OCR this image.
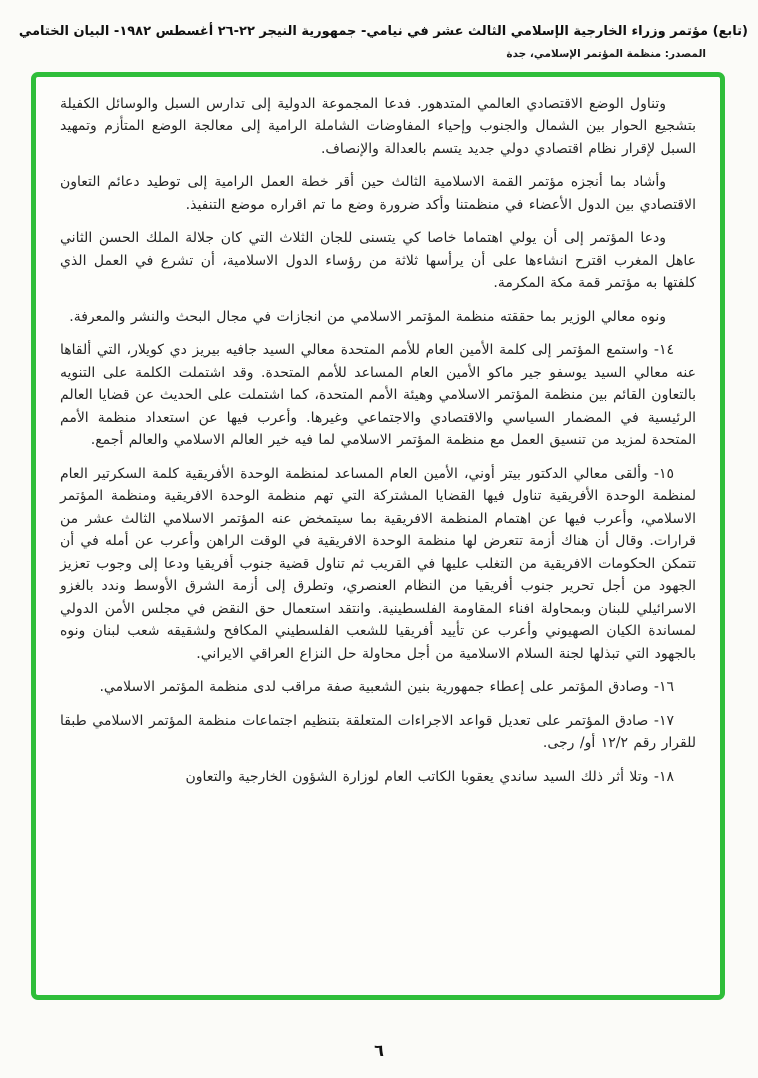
(تابع) مؤتمر وزراء الخارجية الإسلامي الثالث عشر في نيامي- جمهورية النيجر ٢٢-٢٦ أغسطس ١٩٨٢- البيان الختامي
المصدر: منظمة المؤتمر الإسلامي، جدة

وتناول الوضع الاقتصادي العالمي المتدهور. فدعا المجموعة الدولية إلى تدارس السبل والوسائل الكفيلة بتشجيع الحوار بين الشمال والجنوب وإحياء المفاوضات الشاملة الرامية إلى معالجة الوضع المتأزم وتمهيد السبل لإقرار نظام اقتصادي دولي جديد يتسم بالعدالة والإنصاف.

وأشاد بما أنجزه مؤتمر القمة الاسلامية الثالث حين أقر خطة العمل الرامية إلى توطيد دعائم التعاون الاقتصادي بين الدول الأعضاء في منظمتنا وأكد ضرورة وضع ما تم اقراره موضع التنفيذ.

ودعا المؤتمر إلى أن يولي اهتماما خاصا كي يتسنى للجان الثلاث التي كان جلالة الملك الحسن الثاني عاهل المغرب اقترح انشاءها على أن يرأسها ثلاثة من رؤساء الدول الاسلامية، أن تشرع في العمل الذي كلفتها به مؤتمر قمة مكة المكرمة.

ونوه معالي الوزير بما حققته منظمة المؤتمر الاسلامي من انجازات في مجال البحث والنشر والمعرفة.

١٤- واستمع المؤتمر إلى كلمة الأمين العام للأمم المتحدة معالي السيد جافيه بيريز دي كويلار، التي ألقاها عنه معالي السيد يوسفو جير ماكو الأمين العام المساعد للأمم المتحدة. وقد اشتملت الكلمة على التنويه بالتعاون القائم بين منظمة المؤتمر الاسلامي وهيئة الأمم المتحدة، كما اشتملت على الحديث عن قضايا العالم الرئيسية في المضمار السياسي والاقتصادي والاجتماعي وغيرها. وأعرب فيها عن استعداد منظمة الأمم المتحدة لمزيد من تنسيق العمل مع منظمة المؤتمر الاسلامي لما فيه خير العالم الاسلامي والعالم أجمع.

١٥- وألقى معالي الدكتور بيتر أوني، الأمين العام المساعد لمنظمة الوحدة الأفريقية كلمة السكرتير العام لمنظمة الوحدة الأفريقية تناول فيها القضايا المشتركة التي تهم منظمة الوحدة الافريقية ومنظمة المؤتمر الاسلامي، وأعرب فيها عن اهتمام المنظمة الافريقية بما سيتمخض عنه المؤتمر الاسلامي الثالث عشر من قرارات. وقال أن هناك أزمة تتعرض لها منظمة الوحدة الافريقية في الوقت الراهن وأعرب عن أمله في أن تتمكن الحكومات الافريقية من التغلب عليها في القريب ثم تناول قضية جنوب أفريقيا ودعا إلى وجوب تعزيز الجهود من أجل تحرير جنوب أفريقيا من النظام العنصري، وتطرق إلى أزمة الشرق الأوسط وندد بالغزو الاسرائيلي للبنان وبمحاولة افناء المقاومة الفلسطينية. وانتقد استعمال حق النقض في مجلس الأمن الدولي لمساندة الكيان الصهيوني وأعرب عن تأييد أفريقيا للشعب الفلسطيني المكافح ولشقيقه شعب لبنان ونوه بالجهود التي تبذلها لجنة السلام الاسلامية من أجل محاولة حل النزاع العراقي الايراني.

١٦- وصادق المؤتمر على إعطاء جمهورية بنين الشعبية صفة مراقب لدى منظمة المؤتمر الاسلامي.

١٧- صادق المؤتمر على تعديل قواعد الاجراءات المتعلقة بتنظيم اجتماعات منظمة المؤتمر الاسلامي طبقا للقرار رقم ١٢/٢ أو/ رجى.

١٨- وتلا أثر ذلك السيد ساندي يعقوبا الكاتب العام لوزارة الشؤون الخارجية والتعاون

٦
